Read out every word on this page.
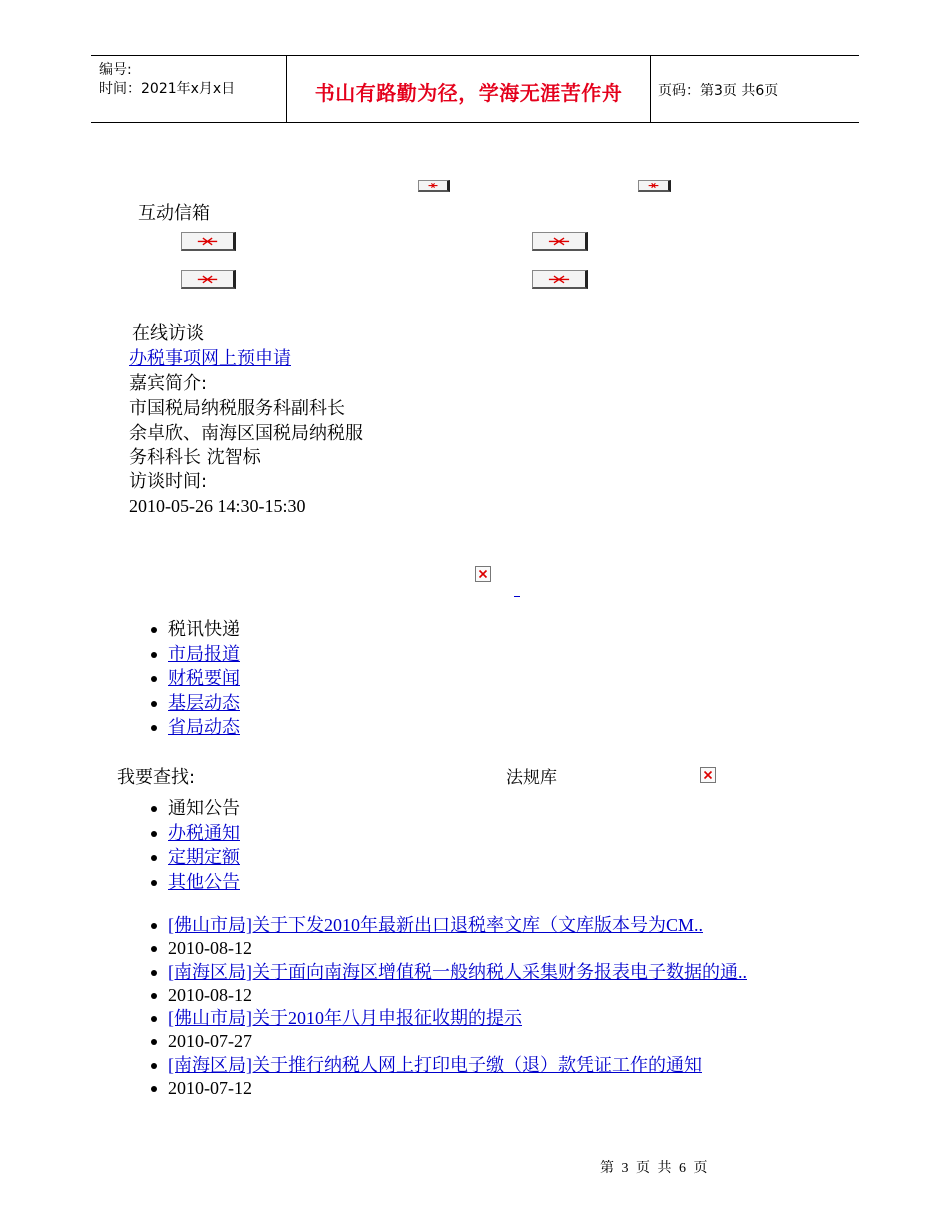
编号:
时间：2021年x月x日	书山有路勤为径，学海无涯苦作舟	页码：第3页 共6页
互动信箱
在线访谈
办税事项网上预申请
嘉宾简介:
市国税局纳税服务科副科长
余卓欣、南海区国税局纳税服
务科科长 沈智标
访谈时间:
2010-05-26 14:30-15:30
税讯快递
市局报道
财税要闻
基层动态
省局动态
我要查找:	法规库
通知公告
办税通知
定期定额
其他公告
[佛山市局]关于下发2010年最新出口退税率文库（文库版本号为CM..
2010-08-12
[南海区局]关于面向南海区增值税一般纳税人采集财务报表电子数据的通..
2010-08-12
[佛山市局]关于2010年八月申报征收期的提示
2010-07-27
[南海区局]关于推行纳税人网上打印电子缴（退）款凭证工作的通知
2010-07-12
第 3 页 共 6 页
